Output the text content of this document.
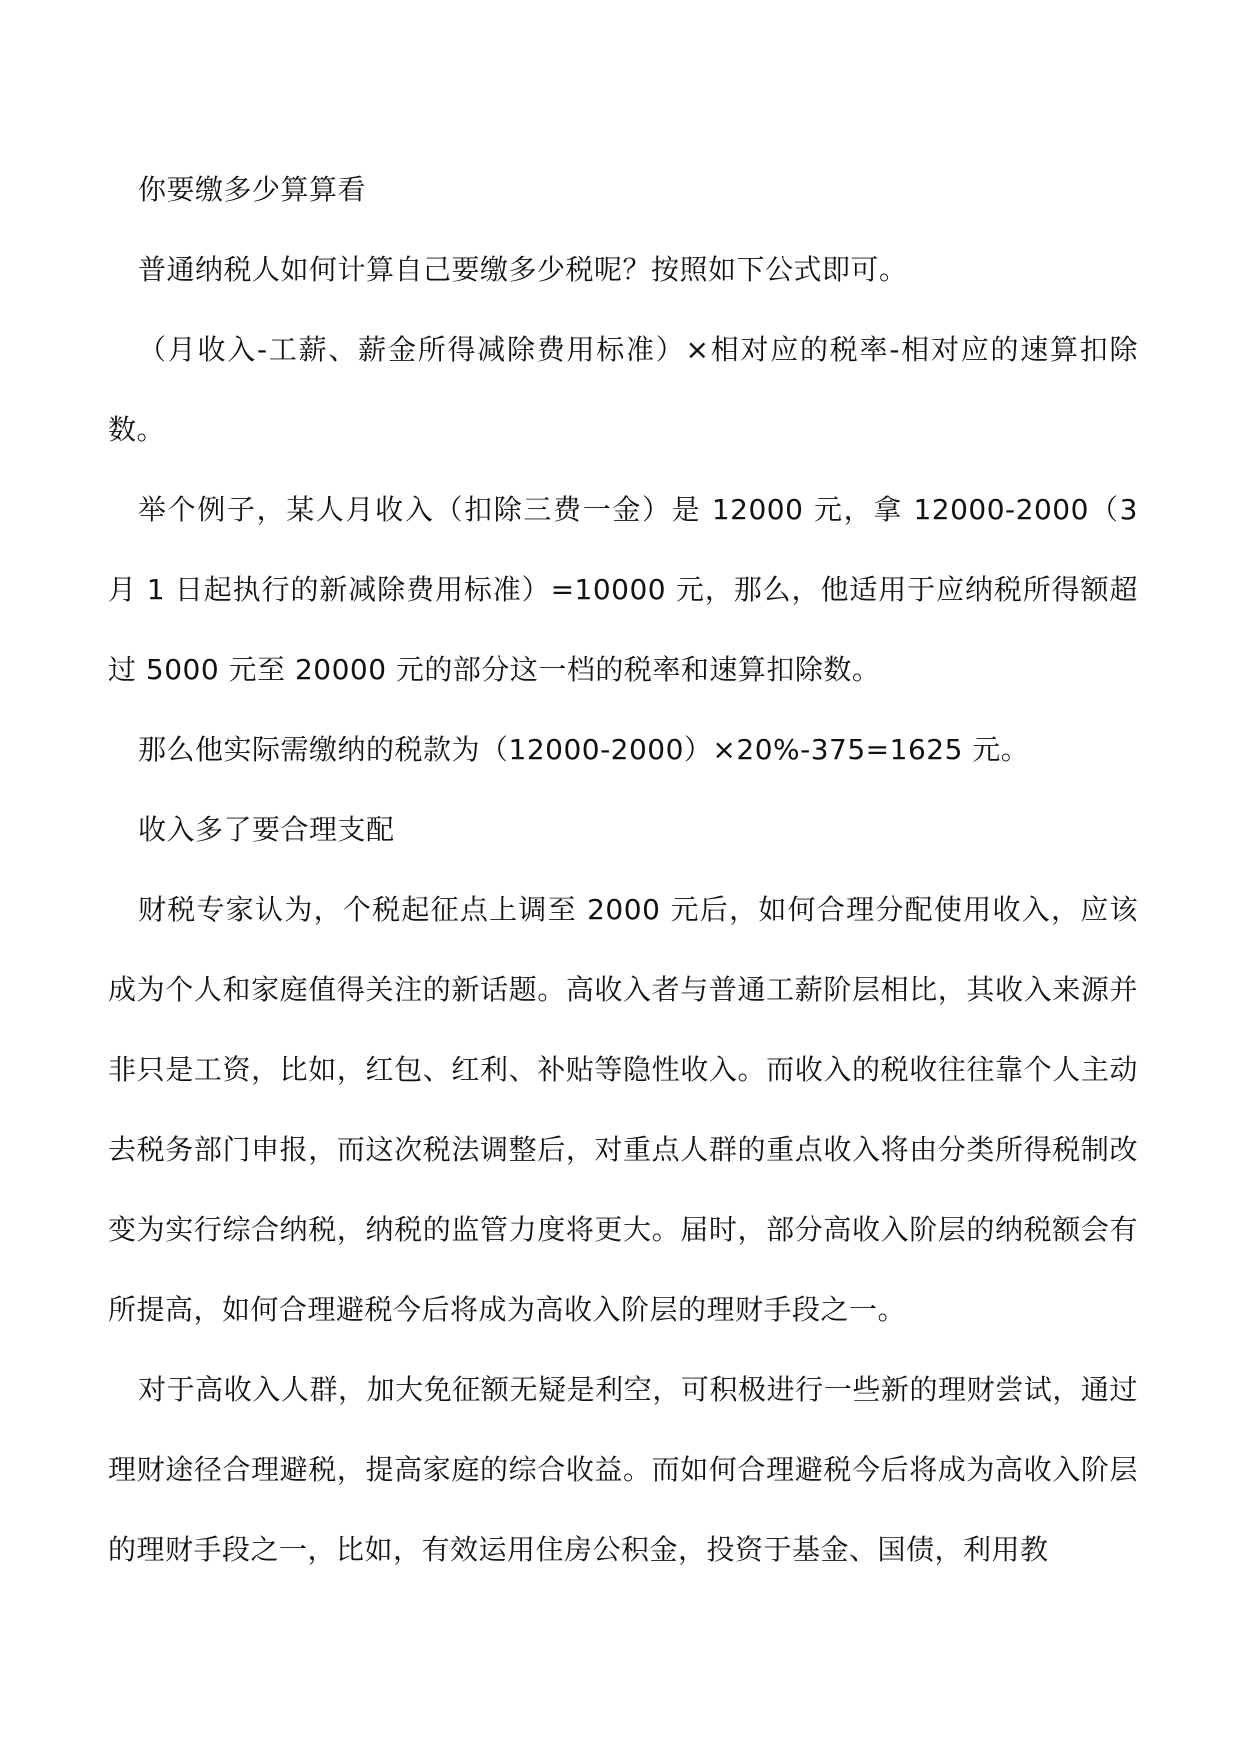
你要缴多少算算看

普通纳税人如何计算自己要缴多少税呢？按照如下公式即可。

（月收入-工薪、薪金所得减除费用标准）×相对应的税率-相对应的速算扣除数。

举个例子，某人月收入（扣除三费一金）是 12000 元，拿 12000-2000（3 月 1 日起执行的新减除费用标准）=10000 元，那么，他适用于应纳税所得额超过 5000 元至 20000 元的部分这一档的税率和速算扣除数。

那么他实际需缴纳的税款为（12000-2000）×20%-375=1625 元。

收入多了要合理支配

财税专家认为，个税起征点上调至 2000 元后，如何合理分配使用收入，应该成为个人和家庭值得关注的新话题。高收入者与普通工薪阶层相比，其收入来源并非只是工资，比如，红包、红利、补贴等隐性收入。而收入的税收往往靠个人主动去税务部门申报，而这次税法调整后，对重点人群的重点收入将由分类所得税制改变为实行综合纳税，纳税的监管力度将更大。届时，部分高收入阶层的纳税额会有所提高，如何合理避税今后将成为高收入阶层的理财手段之一。

对于高收入人群，加大免征额无疑是利空，可积极进行一些新的理财尝试，通过理财途径合理避税，提高家庭的综合收益。而如何合理避税今后将成为高收入阶层的理财手段之一，比如，有效运用住房公积金，投资于基金、国债，利用教
